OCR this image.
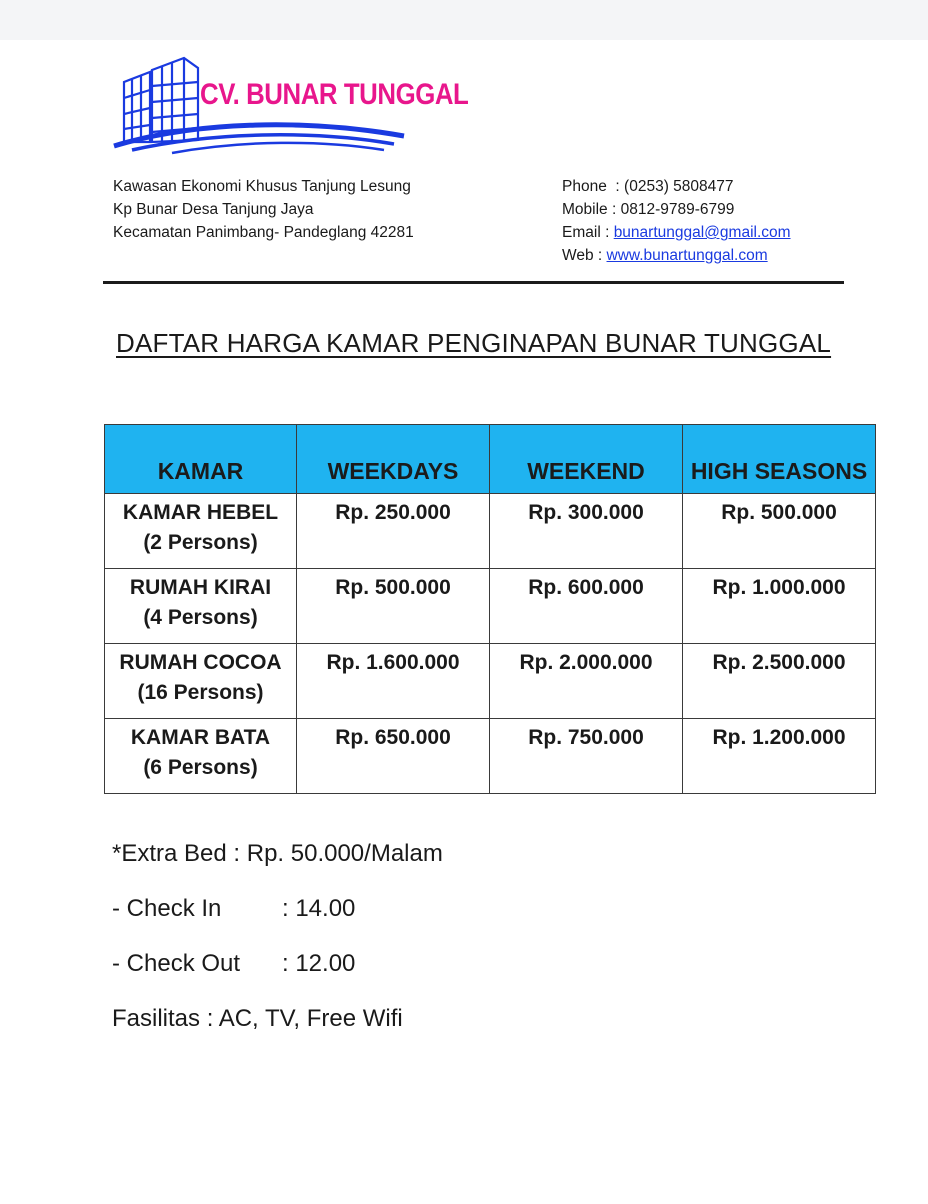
CV. BUNAR TUNGGAL
Kawasan Ekonomi Khusus Tanjung Lesung
Kp Bunar Desa Tanjung Jaya
Kecamatan Panimbang- Pandeglang 42281
Phone  : (0253) 5808477
Mobile : 0812-9789-6799
Email : bunartunggal@gmail.com
Web : www.bunartunggal.com
DAFTAR HARGA KAMAR PENGINAPAN BUNAR TUNGGAL
KAMAR	WEEKDAYS	WEEKEND	HIGH SEASONS

KAMAR HEBEL
(2 Persons)	Rp. 250.000	Rp. 300.000	Rp. 500.000

RUMAH KIRAI
(4 Persons)	Rp. 500.000	Rp. 600.000	Rp. 1.000.000

RUMAH COCOA
(16 Persons)	Rp. 1.600.000	Rp. 2.000.000	Rp. 2.500.000

KAMAR BATA
(6 Persons)	Rp. 650.000	Rp. 750.000	Rp. 1.200.000
*Extra Bed : Rp. 50.000/Malam
- Check In	: 14.00
- Check Out : 12.00
Fasilitas : AC, TV, Free Wifi
